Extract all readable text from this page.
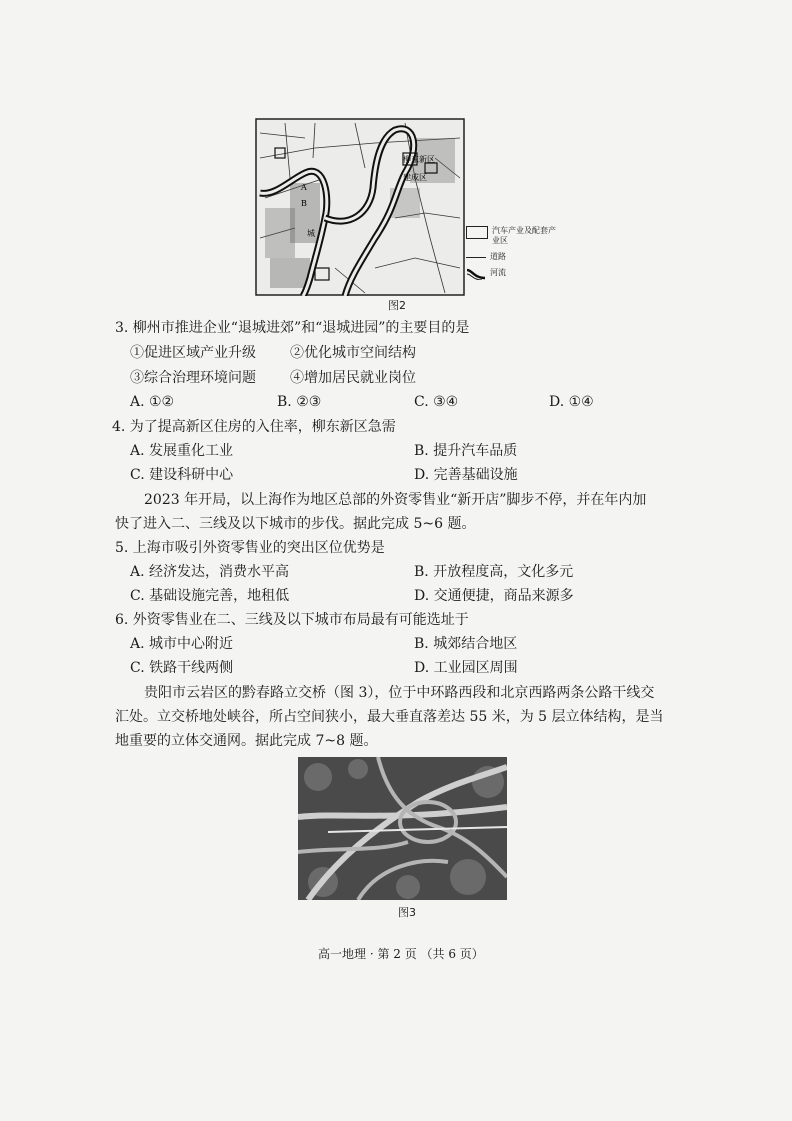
柳东新区
建成区
A
B
城	汽车产业及配套产业区
道路
河流
图2
3. 柳州市推进企业“退城进郊”和“退城进园”的主要目的是
①促进区域产业升级 ②优化城市空间结构
③综合治理环境问题 ④增加居民就业岗位
A. ①②	B. ②③	C. ③④	D. ①④
4. 为了提高新区住房的入住率，柳东新区急需
A. 发展重化工业	B. 提升汽车品质
C. 建设科研中心	D. 完善基础设施
2023 年开局，以上海作为地区总部的外资零售业“新开店”脚步不停，并在年内加
快了进入二、三线及以下城市的步伐。据此完成 5~6 题。
5. 上海市吸引外资零售业的突出区位优势是
A. 经济发达，消费水平高	B. 开放程度高，文化多元
C. 基础设施完善，地租低	D. 交通便捷，商品来源多
6. 外资零售业在二、三线及以下城市布局最有可能选址于
A. 城市中心附近	B. 城郊结合地区
C. 铁路干线两侧	D. 工业园区周围
贵阳市云岩区的黔春路立交桥（图 3），位于中环路西段和北京西路两条公路干线交
汇处。立交桥地处峡谷，所占空间狭小，最大垂直落差达 55 米，为 5 层立体结构，是当
地重要的立体交通网。据此完成 7~8 题。
图3
高一地理 · 第 2 页 （共 6 页）
